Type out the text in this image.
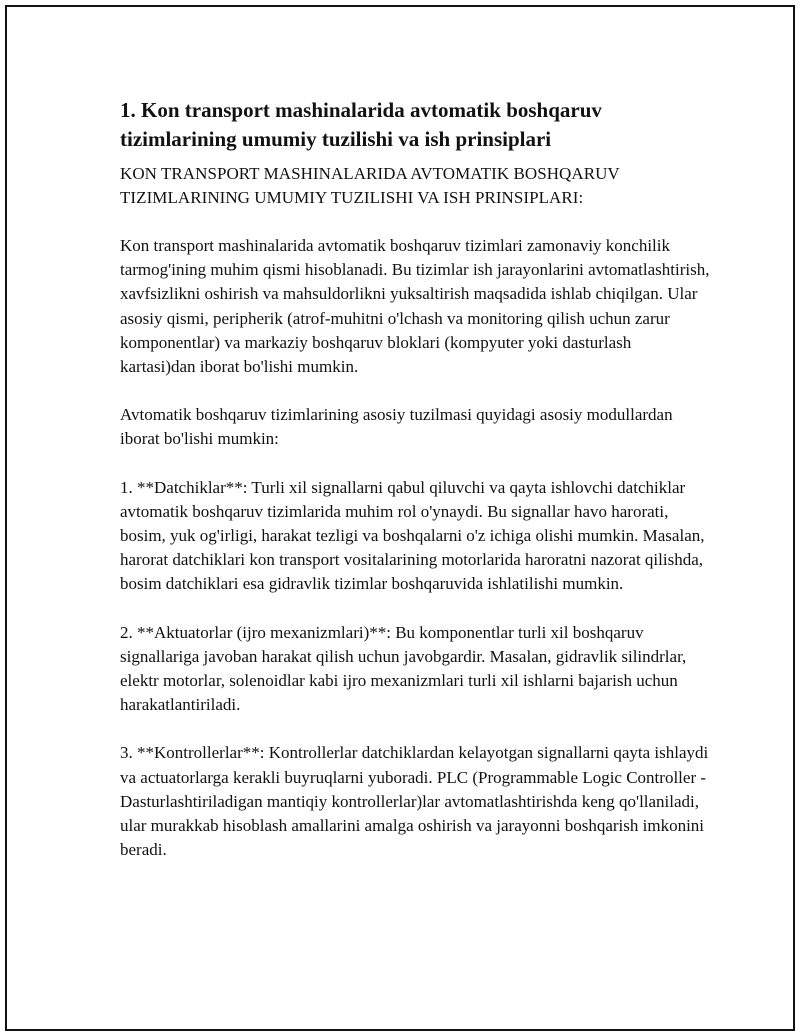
1. Kon transport mashinalarida avtomatik boshqaruv tizimlarining umumiy tuzilishi va ish prinsiplari

KON TRANSPORT MASHINALARIDA AVTOMATIK BOSHQARUV TIZIMLARINING UMUMIY TUZILISHI VA ISH PRINSIPLARI:

Kon transport mashinalarida avtomatik boshqaruv tizimlari zamonaviy konchilik tarmog'ining muhim qismi hisoblanadi. Bu tizimlar ish jarayonlarini avtomatlashtirish, xavfsizlikni oshirish va mahsuldorlikni yuksaltirish maqsadida ishlab chiqilgan. Ular asosiy qismi, peripherik (atrof-muhitni o'lchash va monitoring qilish uchun zarur komponentlar) va markaziy boshqaruv bloklari (kompyuter yoki dasturlash kartasi)dan iborat bo'lishi mumkin.

Avtomatik boshqaruv tizimlarining asosiy tuzilmasi quyidagi asosiy modullardan iborat bo'lishi mumkin:

1. **Datchiklar**: Turli xil signallarni qabul qiluvchi va qayta ishlovchi datchiklar avtomatik boshqaruv tizimlarida muhim rol o'ynaydi. Bu signallar havo harorati, bosim, yuk og'irligi, harakat tezligi va boshqalarni o'z ichiga olishi mumkin. Masalan, harorat datchiklari kon transport vositalarining motorlarida haroratni nazorat qilishda, bosim datchiklari esa gidravlik tizimlar boshqaruvida ishlatilishi mumkin.

2. **Aktuatorlar (ijro mexanizmlari)**: Bu komponentlar turli xil boshqaruv signallariga javoban harakat qilish uchun javobgardir. Masalan, gidravlik silindrlar, elektr motorlar, solenoidlar kabi ijro mexanizmlari turli xil ishlarni bajarish uchun harakatlantiriladi.

3. **Kontrollerlar**: Kontrollerlar datchiklardan kelayotgan signallarni qayta ishlaydi va actuatorlarga kerakli buyruqlarni yuboradi. PLC (Programmable Logic Controller - Dasturlashtiriladigan mantiqiy kontrollerlar)lar avtomatlashtirishda keng qo'llaniladi, ular murakkab hisoblash amallarini amalga oshirish va jarayonni boshqarish imkonini beradi.
